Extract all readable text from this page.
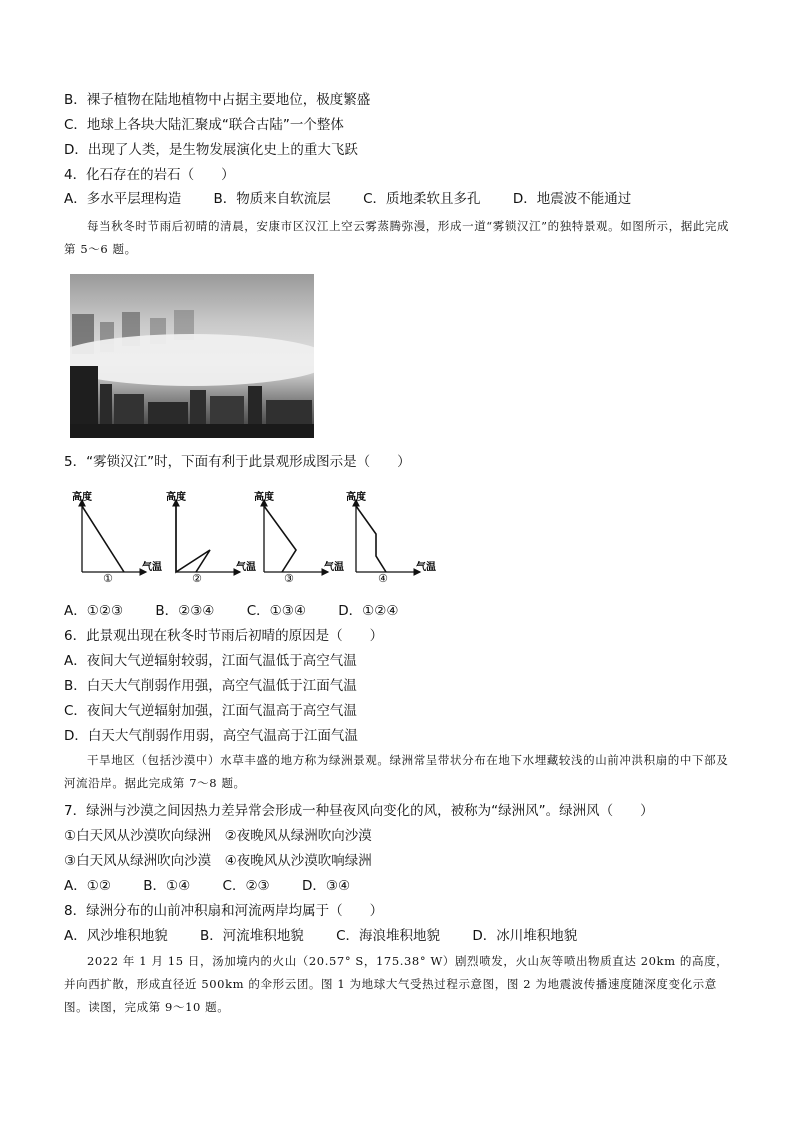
B．裸子植物在陆地植物中占据主要地位，极度繁盛
C．地球上各块大陆汇聚成“联合古陆”一个整体
D．出现了人类，是生物发展演化史上的重大飞跃
4．化石存在的岩石（　　）
A．多水平层理构造 B．物质来自软流层 C．质地柔软且多孔 D．地震波不能通过
每当秋冬时节雨后初晴的清晨，安康市区汉江上空云雾蒸腾弥漫，形成一道“雾锁汉江”的独特景观。如图所示，据此完成第 5～6 题。
5．“雾锁汉江”时，下面有利于此景观形成图示是（　　）
高度
气温
①
高度
气温
②
高度
气温
③
高度
气温
④
A．①②③ B．②③④ C．①③④ D．①②④
6．此景观出现在秋冬时节雨后初晴的原因是（　　）
A．夜间大气逆辐射较弱，江面气温低于高空气温
B．白天大气削弱作用强，高空气温低于江面气温
C．夜间大气逆辐射加强，江面气温高于高空气温
D．白天大气削弱作用弱，高空气温高于江面气温
干旱地区（包括沙漠中）水草丰盛的地方称为绿洲景观。绿洲常呈带状分布在地下水埋藏较浅的山前冲洪积扇的中下部及河流沿岸。据此完成第 7～8 题。
7．绿洲与沙漠之间因热力差异常会形成一种昼夜风向变化的风，被称为“绿洲风”。绿洲风（　　）
①白天风从沙漠吹向绿洲　②夜晚风从绿洲吹向沙漠
③白天风从绿洲吹向沙漠　④夜晚风从沙漠吹响绿洲
A．①② B．①④ C．②③ D．③④
8．绿洲分布的山前冲积扇和河流两岸均属于（　　）
A．风沙堆积地貌 B．河流堆积地貌 C．海浪堆积地貌 D．冰川堆积地貌
2022 年 1 月 15 日，汤加境内的火山（20.57° S，175.38° W）剧烈喷发，火山灰等喷出物质直达 20km 的高度，并向西扩散，形成直径近 500km 的伞形云团。图 1 为地球大气受热过程示意图，图 2 为地震波传播速度随深度变化示意图。读图，完成第 9～10 题。
